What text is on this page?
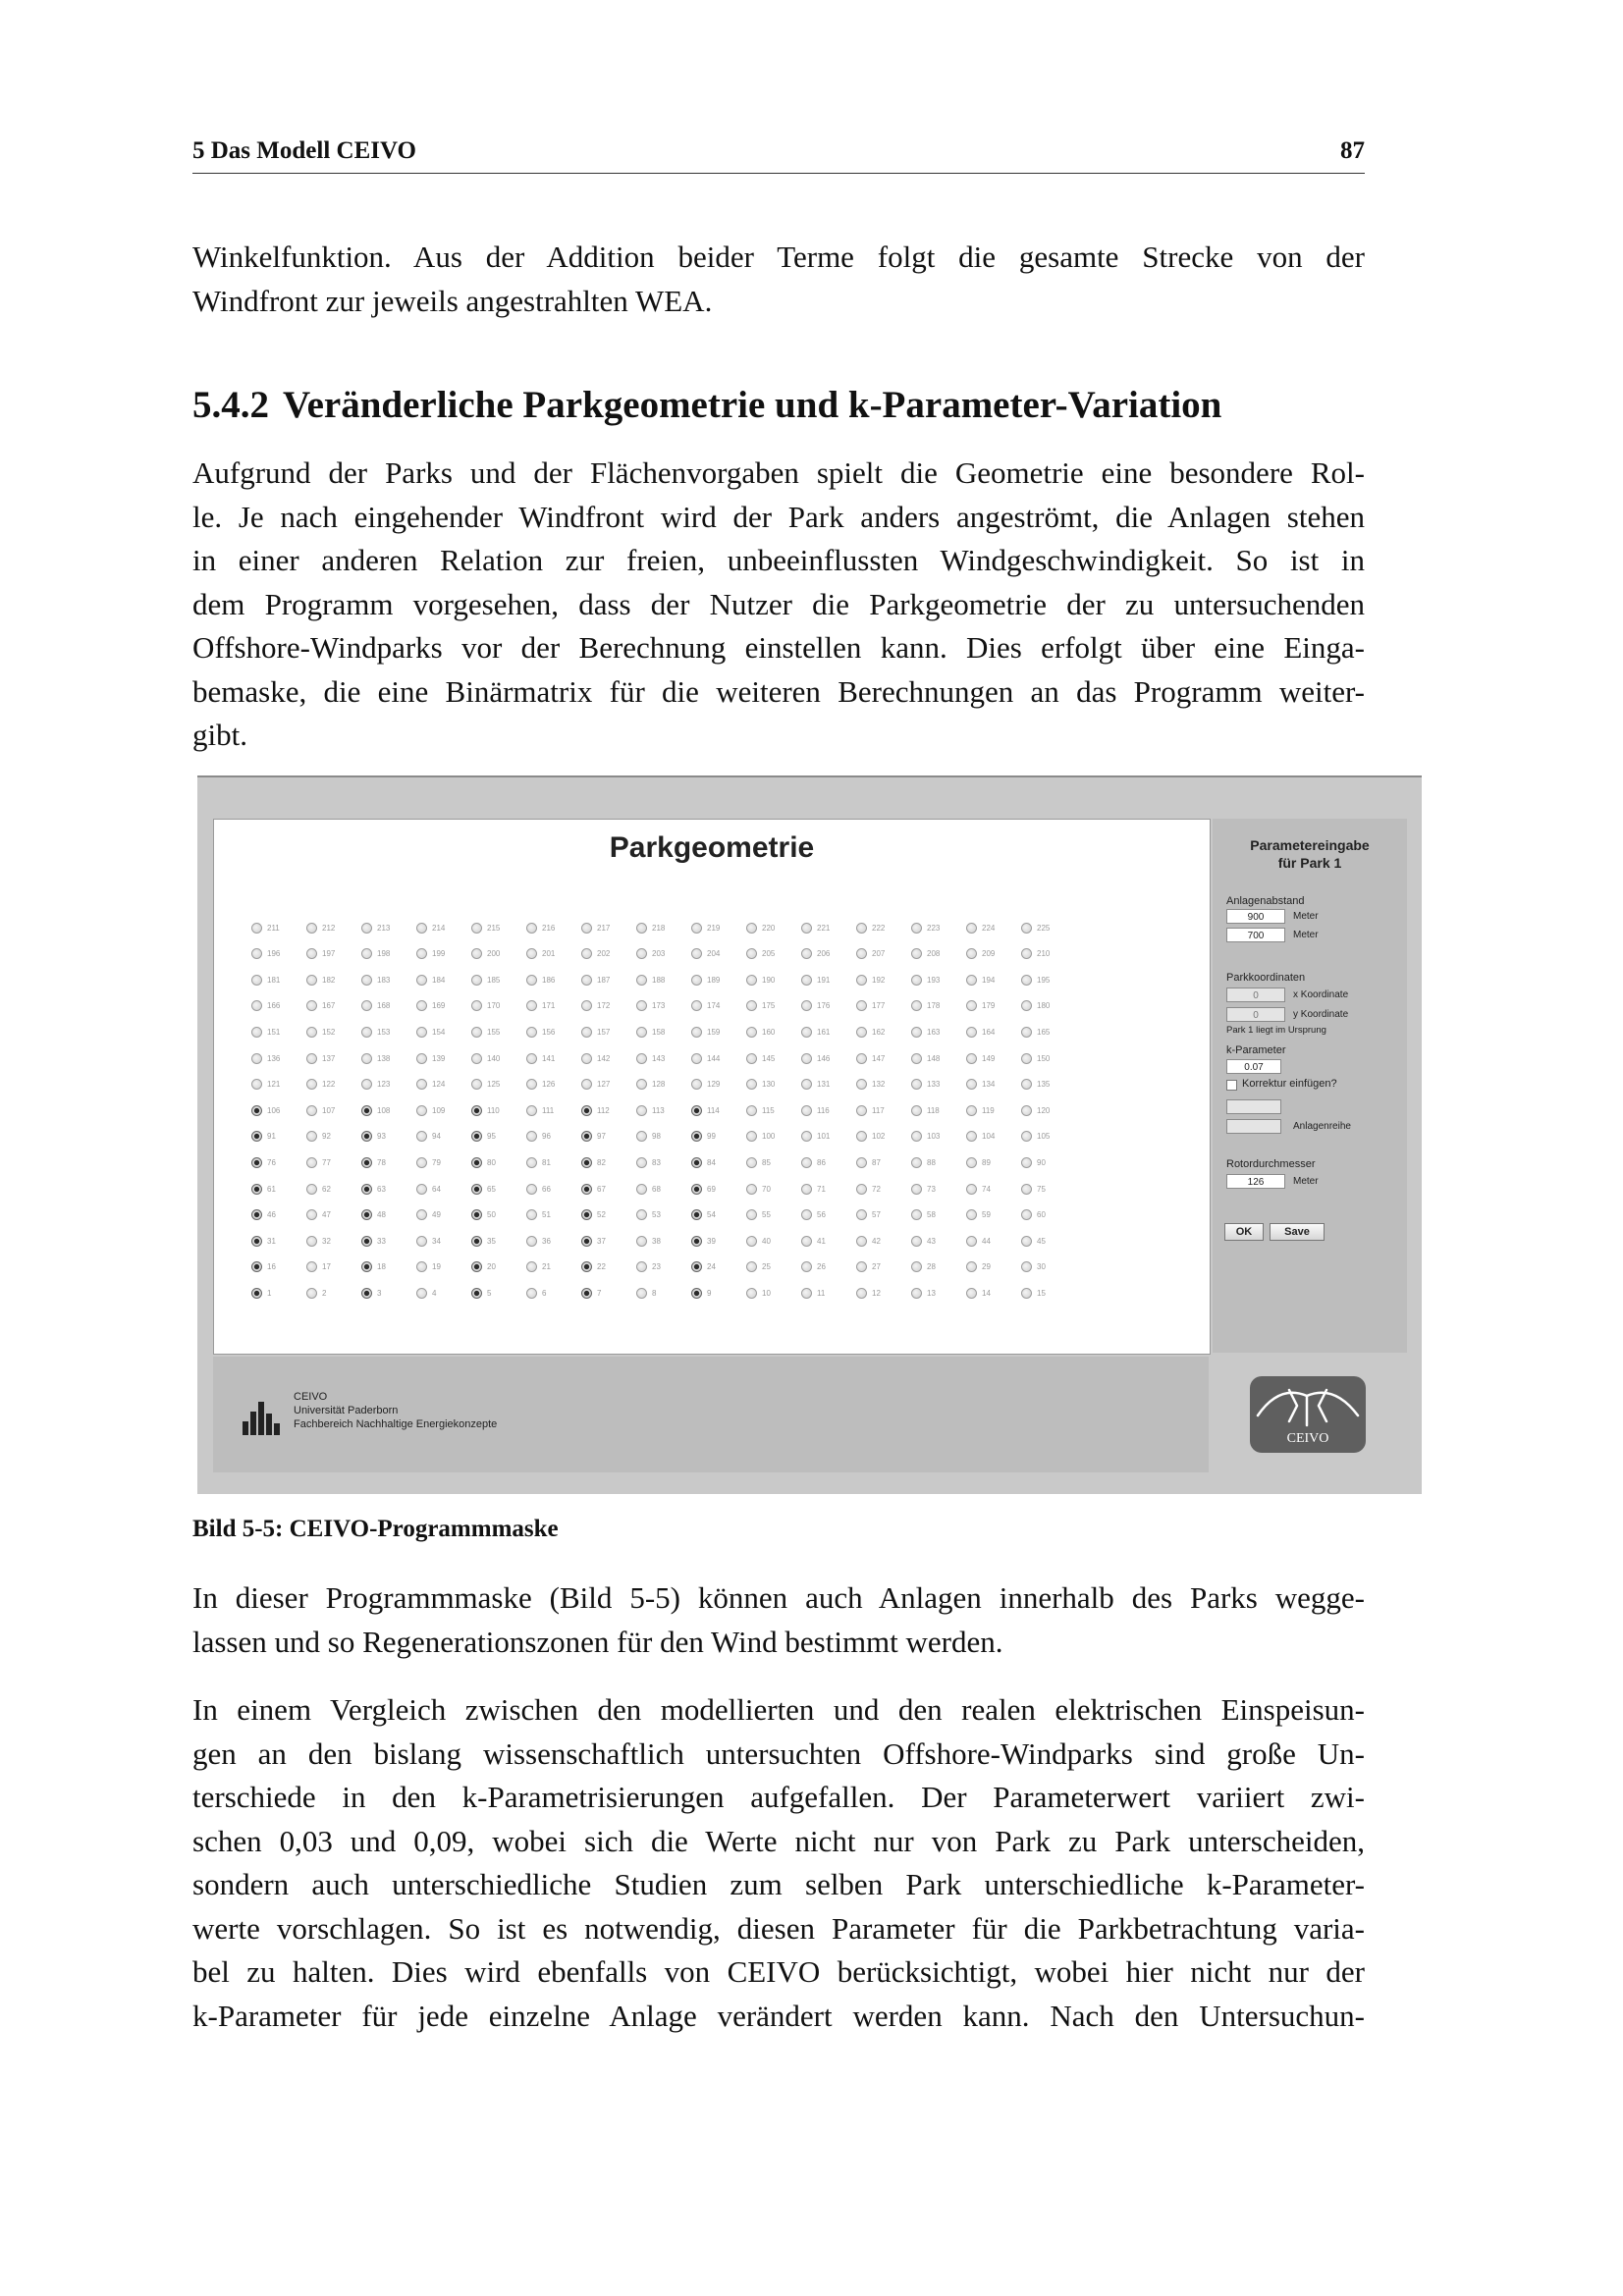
5 Das Modell CEIVO	87

Winkelfunktion. Aus der Addition beider Terme folgt die gesamte Strecke von der
Windfront zur jeweils angestrahlten WEA.

5.4.2 Veränderliche Parkgeometrie und k-Parameter-Variation

Aufgrund der Parks und der Flächenvorgaben spielt die Geometrie eine besondere Rol-
le. Je nach eingehender Windfront wird der Park anders angeströmt, die Anlagen stehen
in einer anderen Relation zur freien, unbeeinflussten Windgeschwindigkeit. So ist in
dem Programm vorgesehen, dass der Nutzer die Parkgeometrie der zu untersuchenden
Offshore-Windparks vor der Berechnung einstellen kann. Dies erfolgt über eine Einga-
bemaske, die eine Binärmatrix für die weiteren Berechnungen an das Programm weiter-
gibt.

Parkgeometrie
211	212	213	214	215	216	217	218	219	220	221	222	223	224	225
196	197	198	199	200	201	202	203	204	205	206	207	208	209	210
181	182	183	184	185	186	187	188	189	190	191	192	193	194	195
166	167	168	169	170	171	172	173	174	175	176	177	178	179	180
151	152	153	154	155	156	157	158	159	160	161	162	163	164	165
136	137	138	139	140	141	142	143	144	145	146	147	148	149	150
121	122	123	124	125	126	127	128	129	130	131	132	133	134	135
106	107	108	109	110	111	112	113	114	115	116	117	118	119	120
91	92	93	94	95	96	97	98	99	100	101	102	103	104	105
76	77	78	79	80	81	82	83	84	85	86	87	88	89	90
61	62	63	64	65	66	67	68	69	70	71	72	73	74	75
46	47	48	49	50	51	52	53	54	55	56	57	58	59	60
31	32	33	34	35	36	37	38	39	40	41	42	43	44	45
16	17	18	19	20	21	22	23	24	25	26	27	28	29	30
1	2	3	4	5	6	7	8	9	10	11	12	13	14	15
Parametereingabe
für Park 1
Anlagenabstand
900	Meter
700	Meter
Parkkoordinaten
0	x Koordinate
0	y Koordinate
Park 1 liegt im Ursprung
k-Parameter
0.07
Korrektur einfügen?
Anlagenreihe
Rotordurchmesser
126	Meter
OK	Save
CEIVO
Universität Paderborn
Fachbereich Nachhaltige Energiekonzepte
CEIVO
Bild 5-5: CEIVO-Programmmaske

In dieser Programmmaske (Bild 5-5) können auch Anlagen innerhalb des Parks wegge-
lassen und so Regenerationszonen für den Wind bestimmt werden.

In einem Vergleich zwischen den modellierten und den realen elektrischen Einspeisun-
gen an den bislang wissenschaftlich untersuchten Offshore-Windparks sind große Un-
terschiede in den k-Parametrisierungen aufgefallen. Der Parameterwert variiert zwi-
schen 0,03 und 0,09, wobei sich die Werte nicht nur von Park zu Park unterscheiden,
sondern auch unterschiedliche Studien zum selben Park unterschiedliche k-Parameter-
werte vorschlagen. So ist es notwendig, diesen Parameter für die Parkbetrachtung varia-
bel zu halten. Dies wird ebenfalls von CEIVO berücksichtigt, wobei hier nicht nur der
k-Parameter für jede einzelne Anlage verändert werden kann. Nach den Untersuchun-
